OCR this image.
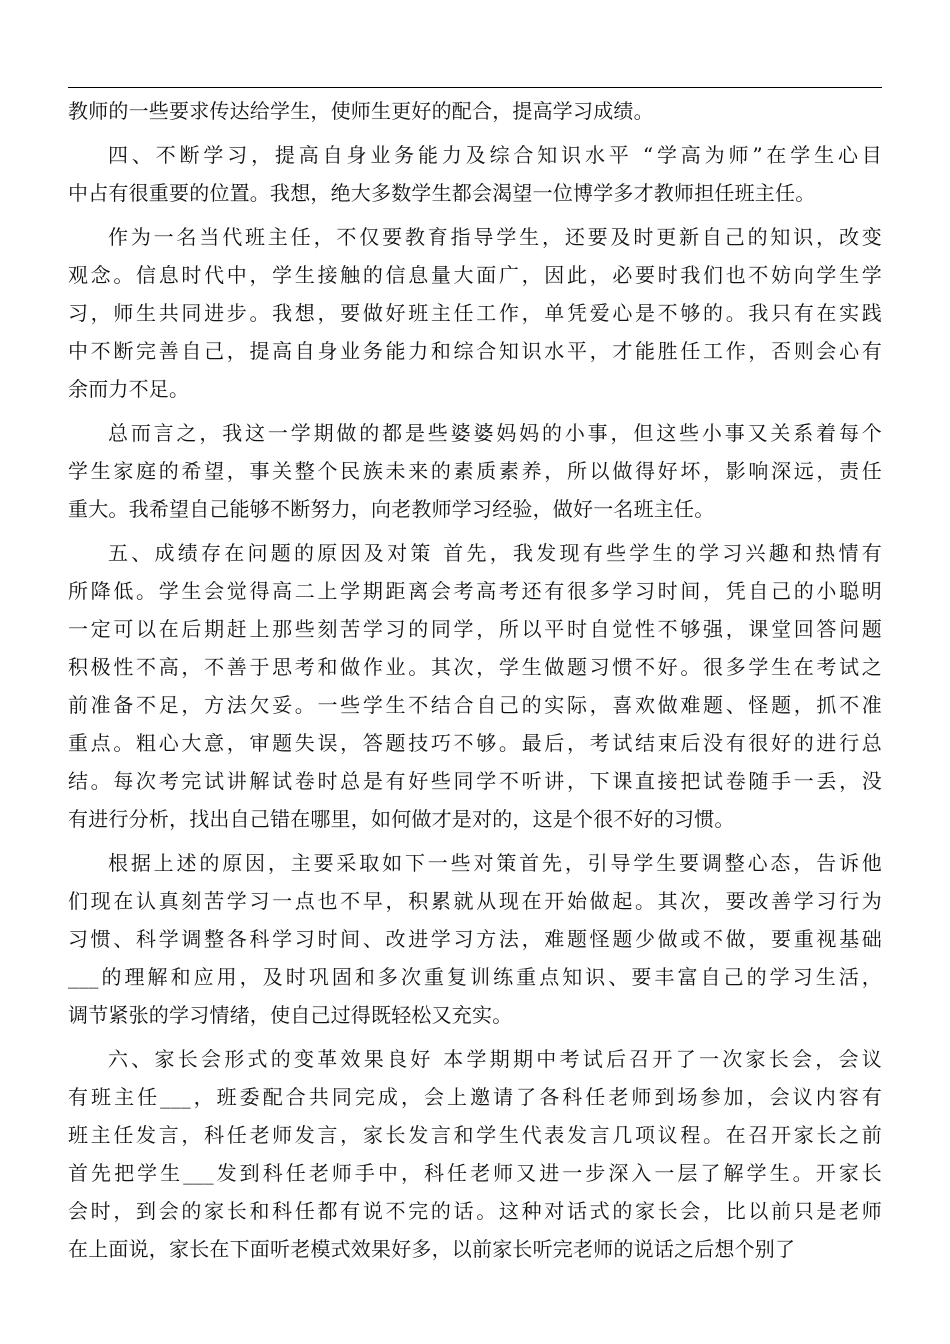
教师的一些要求传达给学生，使师生更好的配合，提高学习成绩。
四、不断学习，提高自身业务能力及综合知识水平 “学高为师”在学生心目
中占有很重要的位置。我想，绝大多数学生都会渴望一位博学多才教师担任班主任。
作为一名当代班主任，不仅要教育指导学生，还要及时更新自己的知识，改变
观念。信息时代中，学生接触的信息量大面广，因此，必要时我们也不妨向学生学
习，师生共同进步。我想，要做好班主任工作，单凭爱心是不够的。我只有在实践
中不断完善自己，提高自身业务能力和综合知识水平，才能胜任工作，否则会心有
余而力不足。
总而言之，我这一学期做的都是些婆婆妈妈的小事，但这些小事又关系着每个
学生家庭的希望，事关整个民族未来的素质素养，所以做得好坏，影响深远，责任
重大。我希望自己能够不断努力，向老教师学习经验，做好一名班主任。
五、成绩存在问题的原因及对策 首先，我发现有些学生的学习兴趣和热情有
所降低。学生会觉得高二上学期距离会考高考还有很多学习时间，凭自己的小聪明
一定可以在后期赶上那些刻苦学习的同学，所以平时自觉性不够强，课堂回答问题
积极性不高，不善于思考和做作业。其次，学生做题习惯不好。很多学生在考试之
前准备不足，方法欠妥。一些学生不结合自己的实际，喜欢做难题、怪题，抓不准
重点。粗心大意，审题失误，答题技巧不够。最后，考试结束后没有很好的进行总
结。每次考完试讲解试卷时总是有好些同学不听讲，下课直接把试卷随手一丢，没
有进行分析，找出自己错在哪里，如何做才是对的，这是个很不好的习惯。
根据上述的原因，主要采取如下一些对策首先，引导学生要调整心态，告诉他
们现在认真刻苦学习一点也不早，积累就从现在开始做起。其次，要改善学习行为
习惯、科学调整各科学习时间、改进学习方法，难题怪题少做或不做，要重视基础
___的理解和应用，及时巩固和多次重复训练重点知识、要丰富自己的学习生活，
调节紧张的学习情绪，使自己过得既轻松又充实。
六、家长会形式的变革效果良好 本学期期中考试后召开了一次家长会，会议
有班主任___，班委配合共同完成，会上邀请了各科任老师到场参加，会议内容有
班主任发言，科任老师发言，家长发言和学生代表发言几项议程。在召开家长之前
首先把学生___发到科任老师手中，科任老师又进一步深入一层了解学生。开家长
会时，到会的家长和科任都有说不完的话。这种对话式的家长会，比以前只是老师
在上面说，家长在下面听老模式效果好多，以前家长听完老师的说话之后想个别了
